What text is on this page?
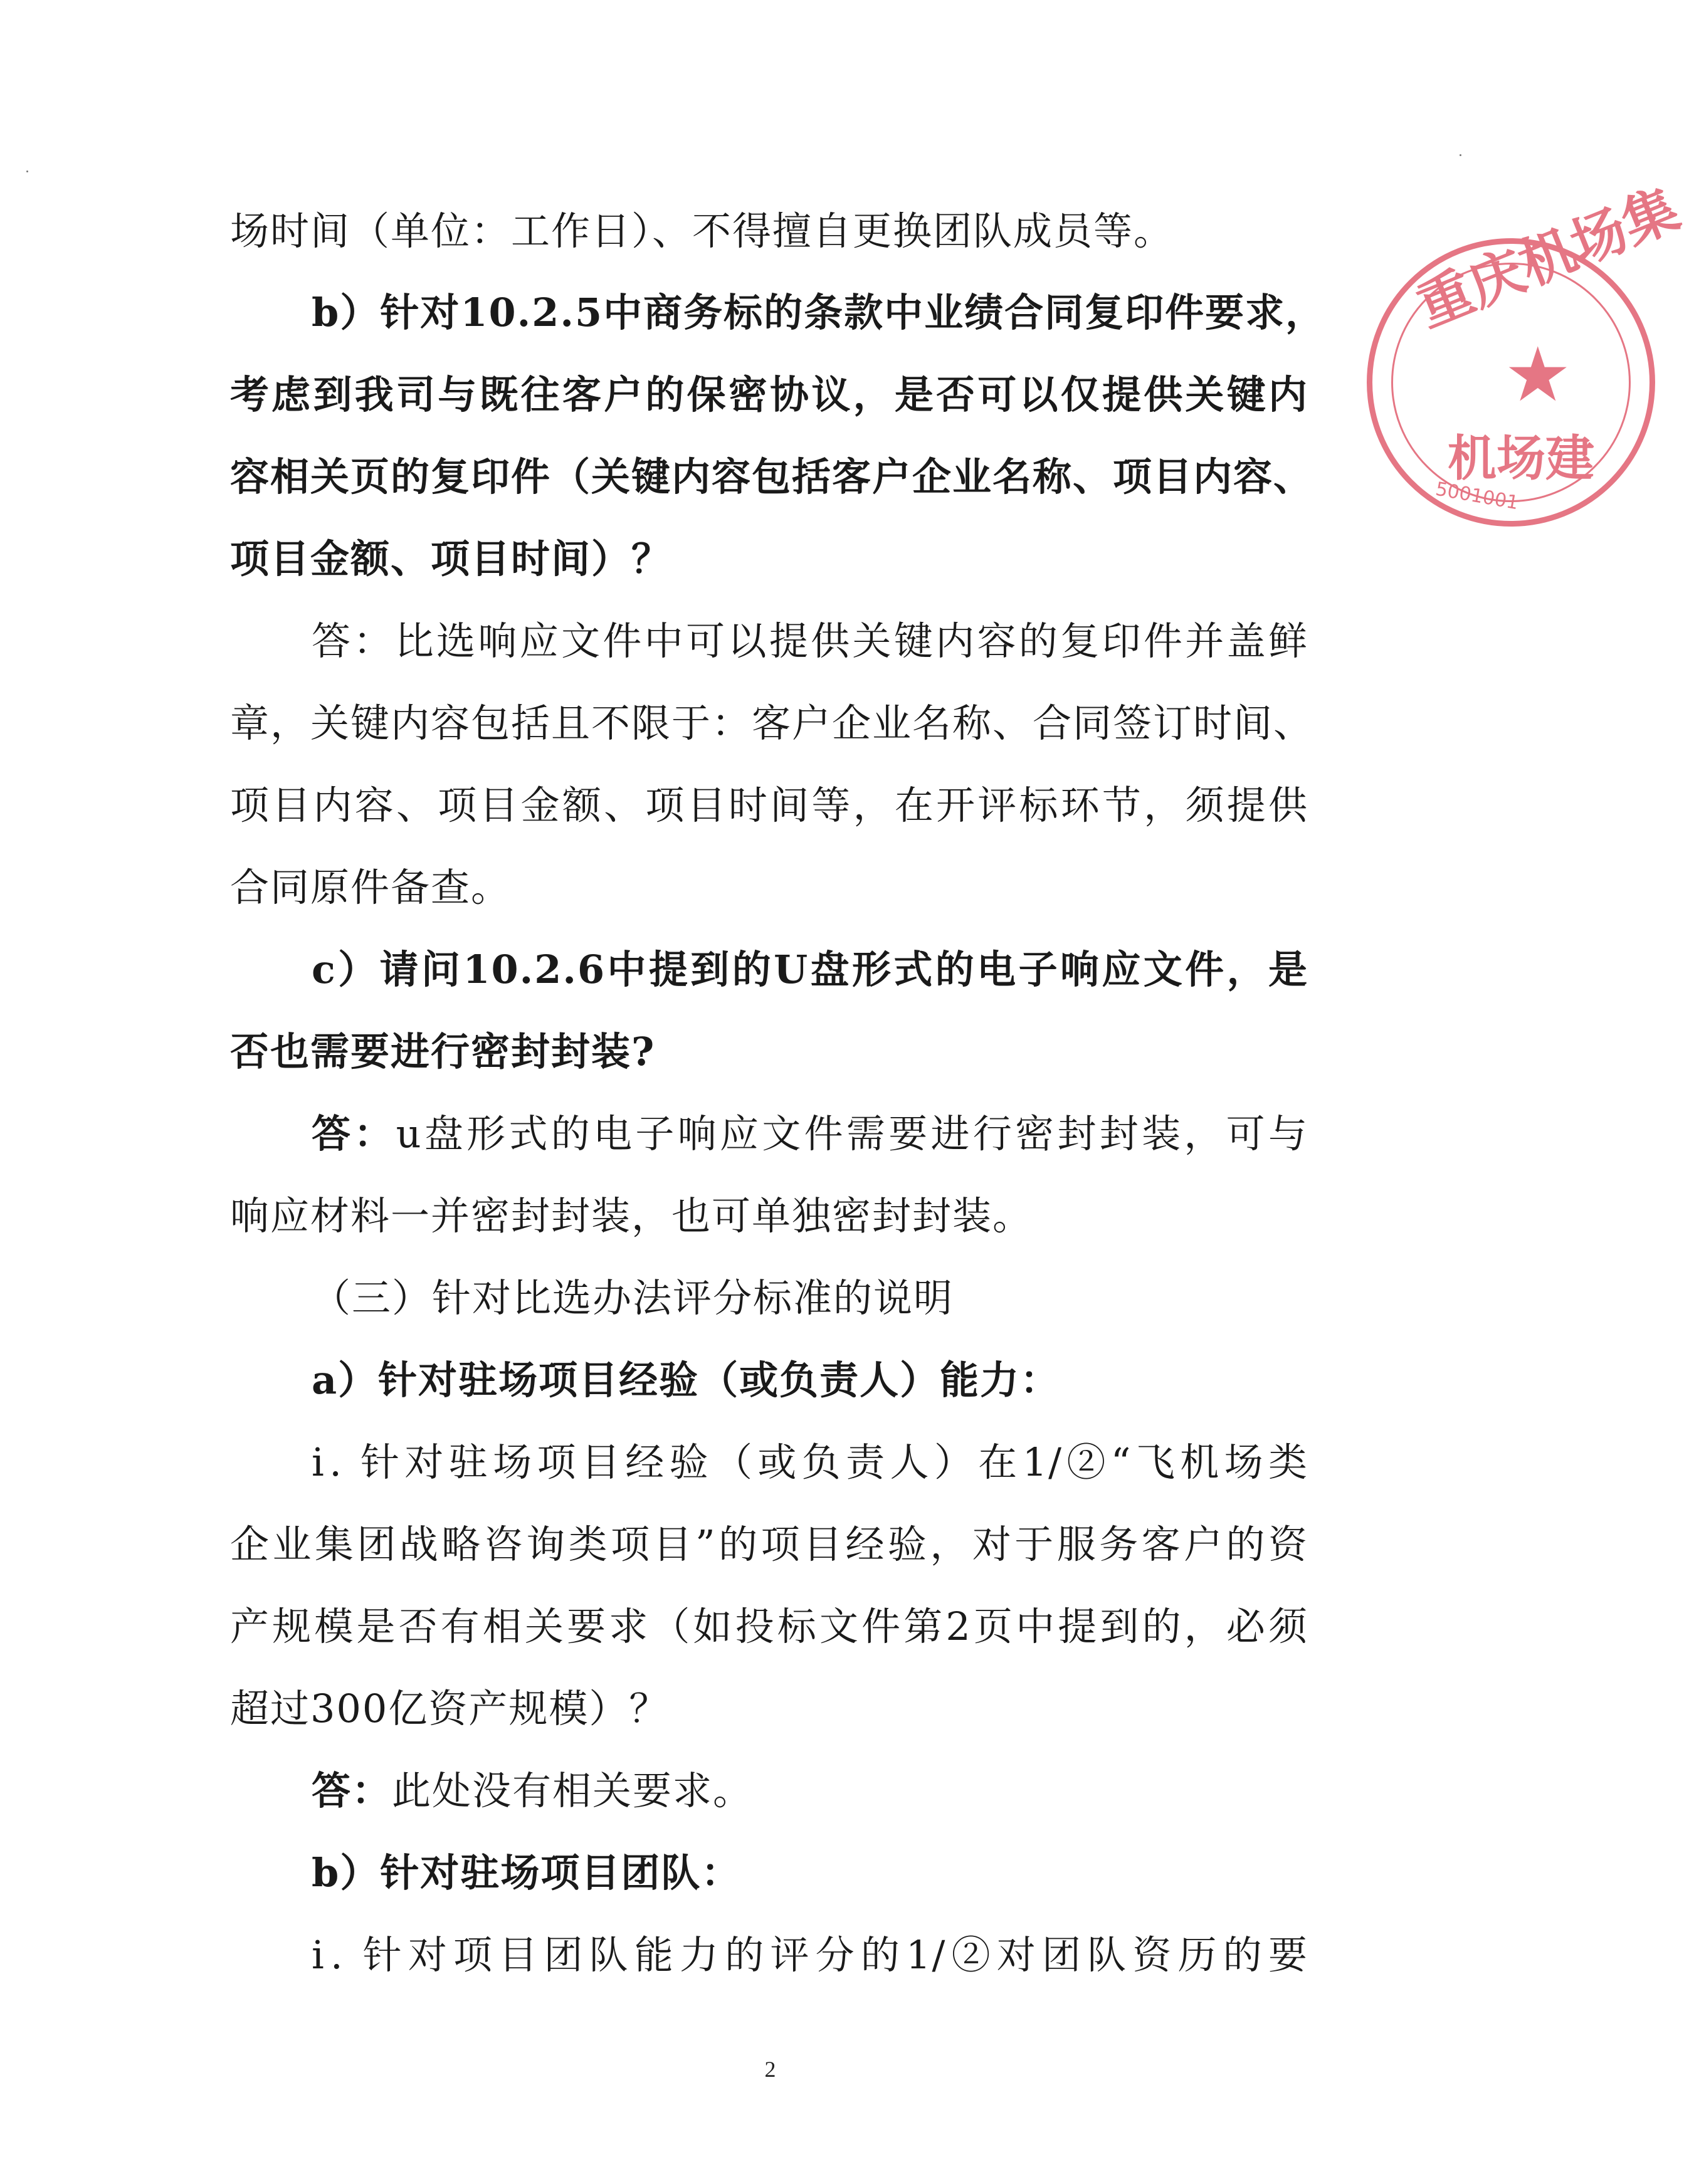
场时间（单位：工作日）、不得擅自更换团队成员等。
b）针对10.2.5中商务标的条款中业绩合同复印件要求，
考虑到我司与既往客户的保密协议，是否可以仅提供关键内
容相关页的复印件（关键内容包括客户企业名称、项目内容、
项目金额、项目时间）？
答：比选响应文件中可以提供关键内容的复印件并盖鲜
章，关键内容包括且不限于：客户企业名称、合同签订时间、
项目内容、项目金额、项目时间等，在开评标环节，须提供
合同原件备查。
c）请问10.2.6中提到的U盘形式的电子响应文件，是
否也需要进行密封封装?
答：u盘形式的电子响应文件需要进行密封封装，可与
响应材料一并密封封装，也可单独密封封装。
（三）针对比选办法评分标准的说明
a）针对驻场项目经验（或负责人）能力：
ⅰ. 针对驻场项目经验（或负责人）在1/②“飞机场类
企业集团战略咨询类项目”的项目经验，对于服务客户的资
产规模是否有相关要求（如投标文件第2页中提到的，必须
超过300亿资产规模）？
答：此处没有相关要求。
b）针对驻场项目团队：
ⅰ. 针对项目团队能力的评分的1/②对团队资历的要
2
重庆机场集
★
机场建
5001001
